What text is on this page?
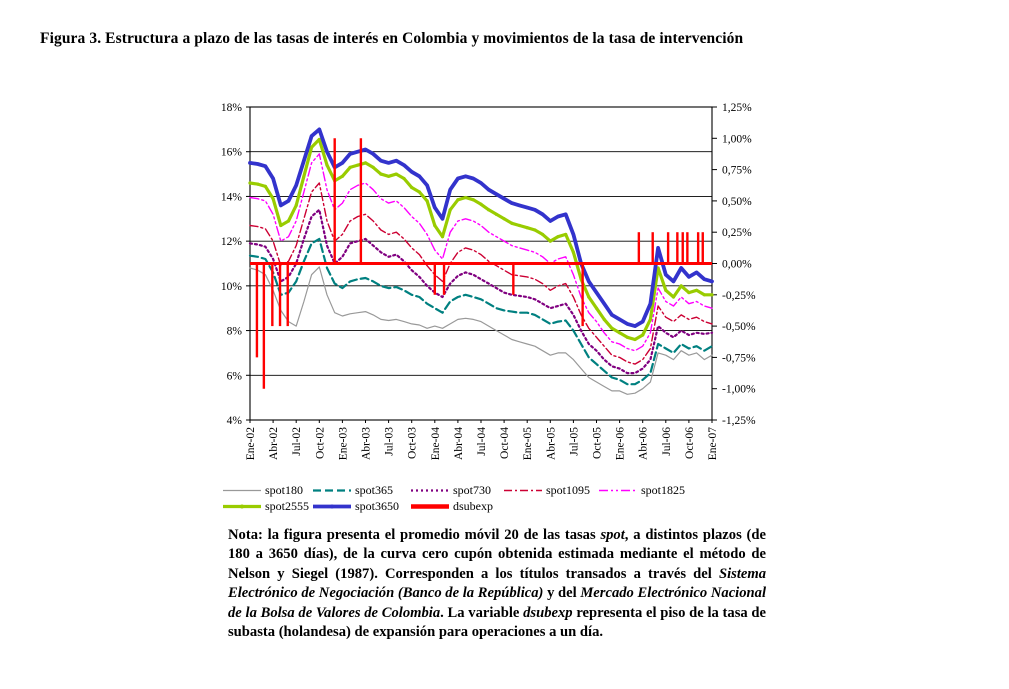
Figura 3. Estructura a plazo de las tasas de interés en Colombia y movimientos de la tasa de intervención
18%
16%
14%
12%
10%
8%
6%
4%
1,25%
1,00%
0,75%
0,50%
0,25%
0,00%
-0,25%
-0,50%
-0,75%
-1,00%
-1,25%
Ene-02 Abr-02 Jul-02 Oct-02 Ene-03 Abr-03 Jul-03 Oct-03 Ene-04 Abr-04 Jul-04 Oct-04 Ene-05 Abr-05 Jul-05 Oct-05 Ene-06 Abr-06 Jul-06 Oct-06 Ene-07
spot180	spot365	spot730	spot1095	spot1825
spot2555	spot3650	dsubexp
Nota: la figura presenta el promedio móvil 20 de las tasas spot, a distintos plazos (de 180 a 3650 días), de la curva cero cupón obtenida estimada mediante el método de Nelson y Siegel (1987). Corresponden a los títulos transados a través del Sistema Electrónico de Negociación (Banco de la República) y del Mercado Electrónico Nacional de la Bolsa de Valores de Colombia. La variable dsubexp representa el piso de la tasa de subasta (holandesa) de expansión para operaciones a un día.
